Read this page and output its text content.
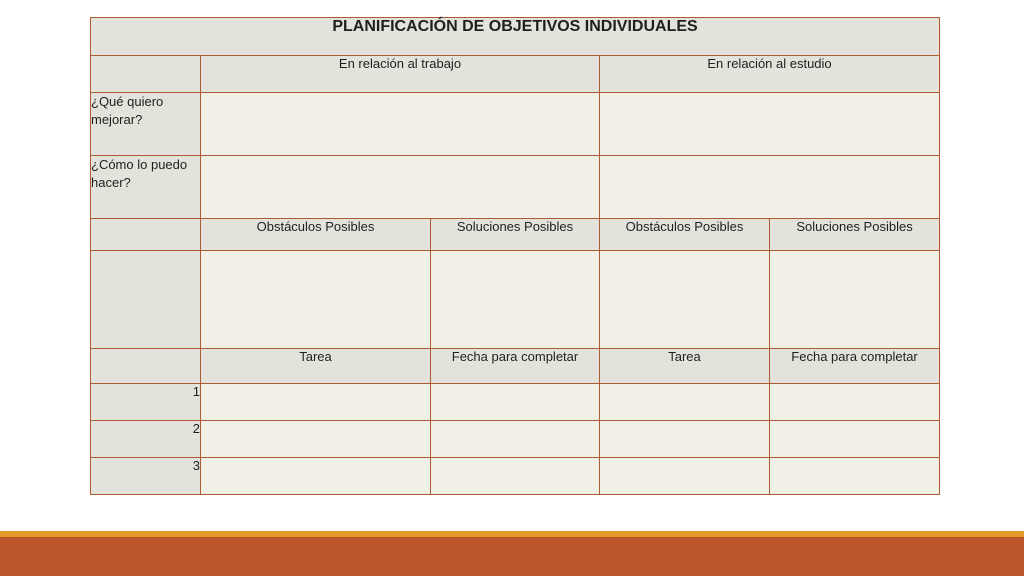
PLANIFICACIÓN DE OBJETIVOS INDIVIDUALES				
	En relación al trabajo		En relación al estudio	
¿Qué quiero mejorar?				
¿Cómo lo puedo hacer?				
	Obstáculos Posibles	Soluciones Posibles	Obstáculos Posibles	Soluciones Posibles

	Tarea	Fecha para completar	Tarea	Fecha para completar
1				
2				
3				
